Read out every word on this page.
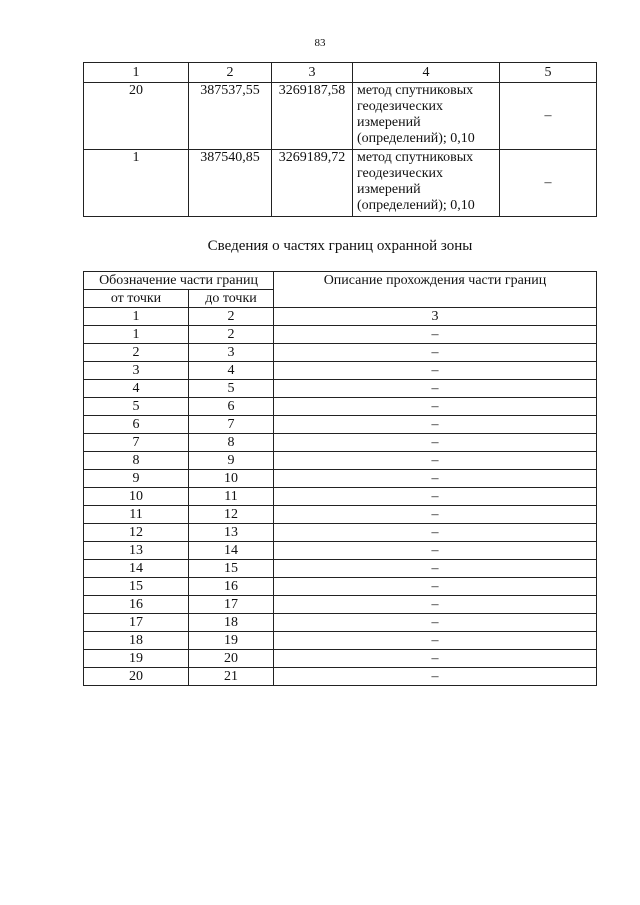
83
1	2	3	4	5
20	387537,55	3269187,58	метод спутниковых
геодезических
измерений
(определений); 0,10	–
1	387540,85	3269189,72	метод спутниковых
геодезических
измерений
(определений); 0,10	–
Сведения о частях границ охранной зоны
Обозначение части границ		Описание прохождения части границ
от точки	до точки	
1	2	3
1	2	–
2	3	–
3	4	–
4	5	–
5	6	–
6	7	–
7	8	–
8	9	–
9	10	–
10	11	–
11	12	–
12	13	–
13	14	–
14	15	–
15	16	–
16	17	–
17	18	–
18	19	–
19	20	–
20	21	–
